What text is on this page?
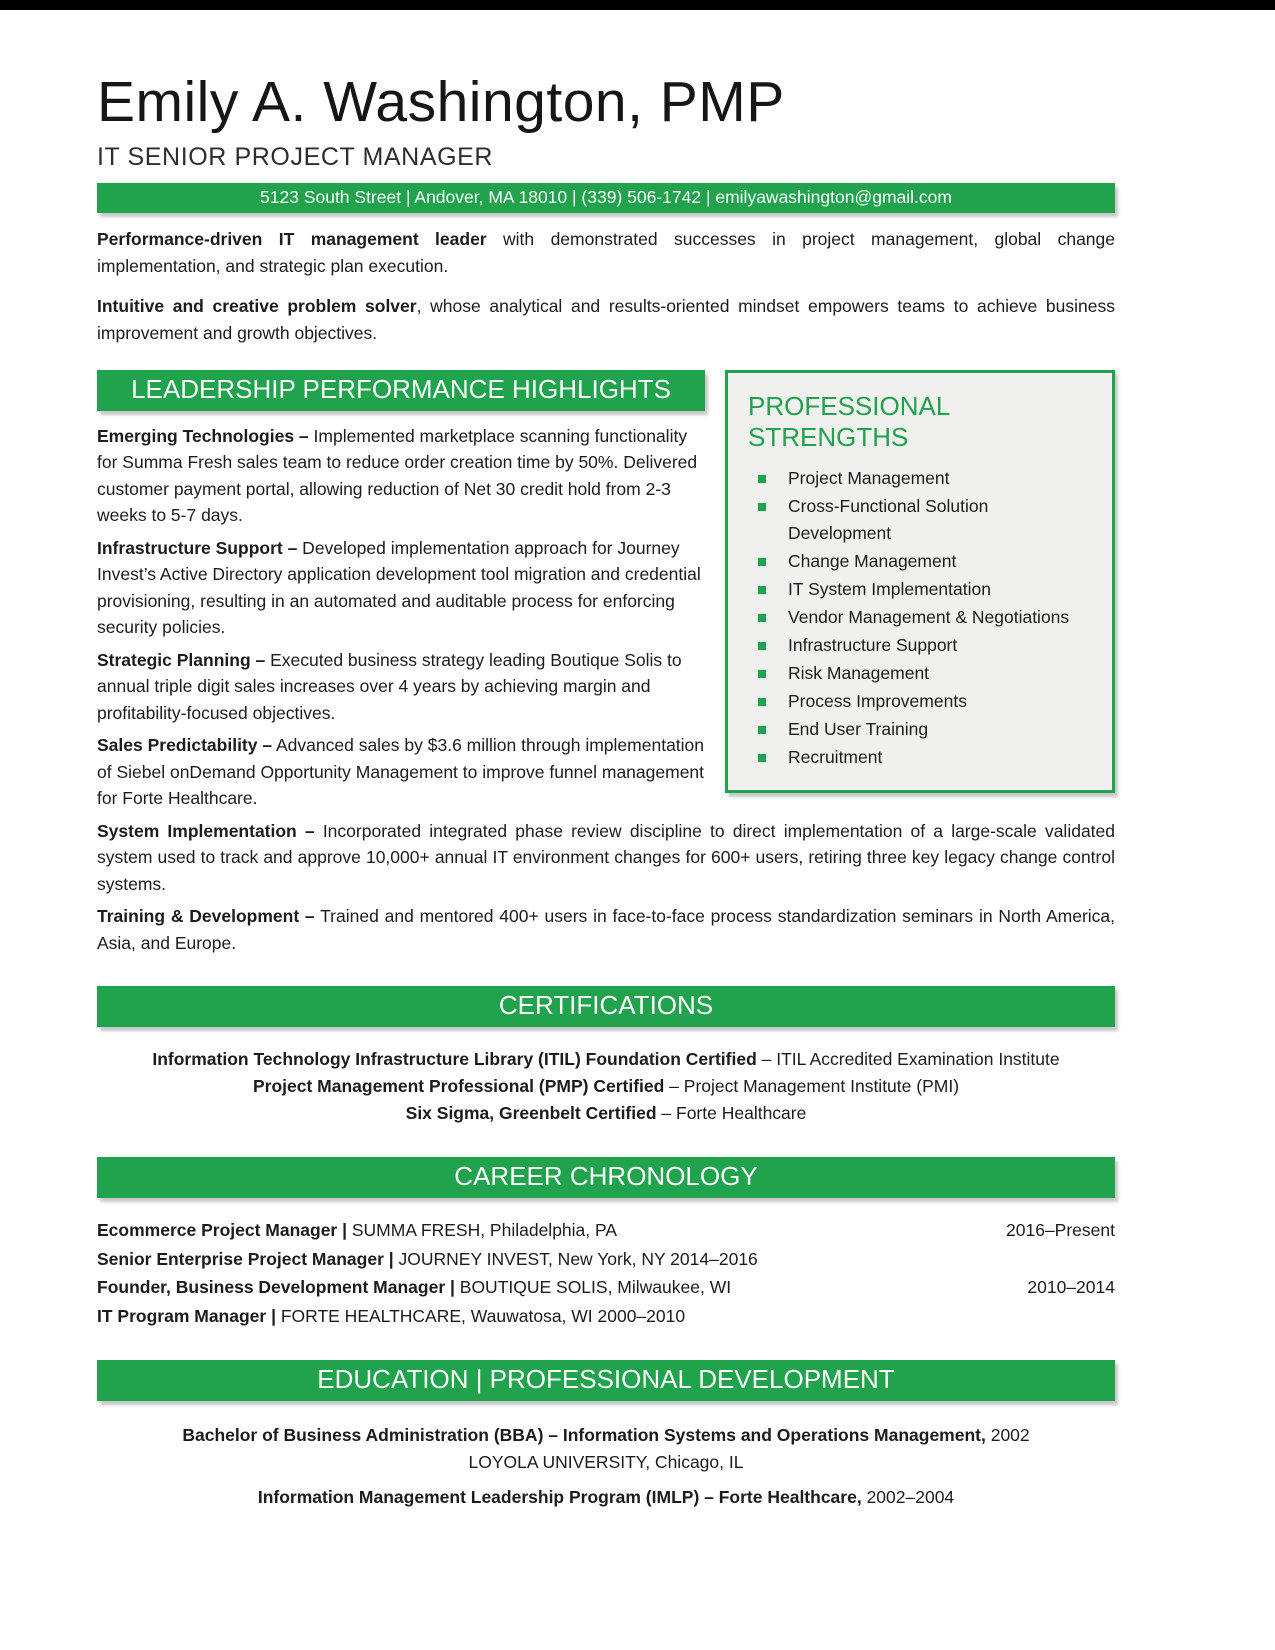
Emily A. Washington, PMP
IT SENIOR PROJECT MANAGER
5123 South Street | Andover, MA 18010 | (339) 506-1742 | emilyawashington@gmail.com

Performance-driven IT management leader with demonstrated successes in project management, global change implementation, and strategic plan execution.

Intuitive and creative problem solver, whose analytical and results-oriented mindset empowers teams to achieve business improvement and growth objectives.

LEADERSHIP PERFORMANCE HIGHLIGHTS

Emerging Technologies – Implemented marketplace scanning functionality for Summa Fresh sales team to reduce order creation time by 50%. Delivered customer payment portal, allowing reduction of Net 30 credit hold from 2-3 weeks to 5-7 days.

Infrastructure Support – Developed implementation approach for Journey Invest’s Active Directory application development tool migration and credential provisioning, resulting in an automated and auditable process for enforcing security policies.

Strategic Planning – Executed business strategy leading Boutique Solis to annual triple digit sales increases over 4 years by achieving margin and profitability-focused objectives.

Sales Predictability – Advanced sales by $3.6 million through implementation of Siebel onDemand Opportunity Management to improve funnel management for Forte Healthcare.

PROFESSIONAL STRENGTHS
Project Management
Cross-Functional Solution Development
Change Management
IT System Implementation
Vendor Management & Negotiations
Infrastructure Support
Risk Management
Process Improvements
End User Training
Recruitment

System Implementation – Incorporated integrated phase review discipline to direct implementation of a large-scale validated system used to track and approve 10,000+ annual IT environment changes for 600+ users, retiring three key legacy change control systems.

Training & Development – Trained and mentored 400+ users in face-to-face process standardization seminars in North America, Asia, and Europe.

CERTIFICATIONS

Information Technology Infrastructure Library (ITIL) Foundation Certified – ITIL Accredited Examination Institute

Project Management Professional (PMP) Certified – Project Management Institute (PMI)

Six Sigma, Greenbelt Certified – Forte Healthcare

CAREER CHRONOLOGY
Ecommerce Project Manager | SUMMA FRESH, Philadelphia, PA	2016–Present
Senior Enterprise Project Manager | JOURNEY INVEST, New York, NY 2014–2016
Founder, Business Development Manager | BOUTIQUE SOLIS, Milwaukee, WI	2010–2014
IT Program Manager | FORTE HEALTHCARE, Wauwatosa, WI 2000–2010
EDUCATION | PROFESSIONAL DEVELOPMENT

Bachelor of Business Administration (BBA) – Information Systems and Operations Management, 2002

LOYOLA UNIVERSITY, Chicago, IL

Information Management Leadership Program (IMLP) – Forte Healthcare, 2002–2004
